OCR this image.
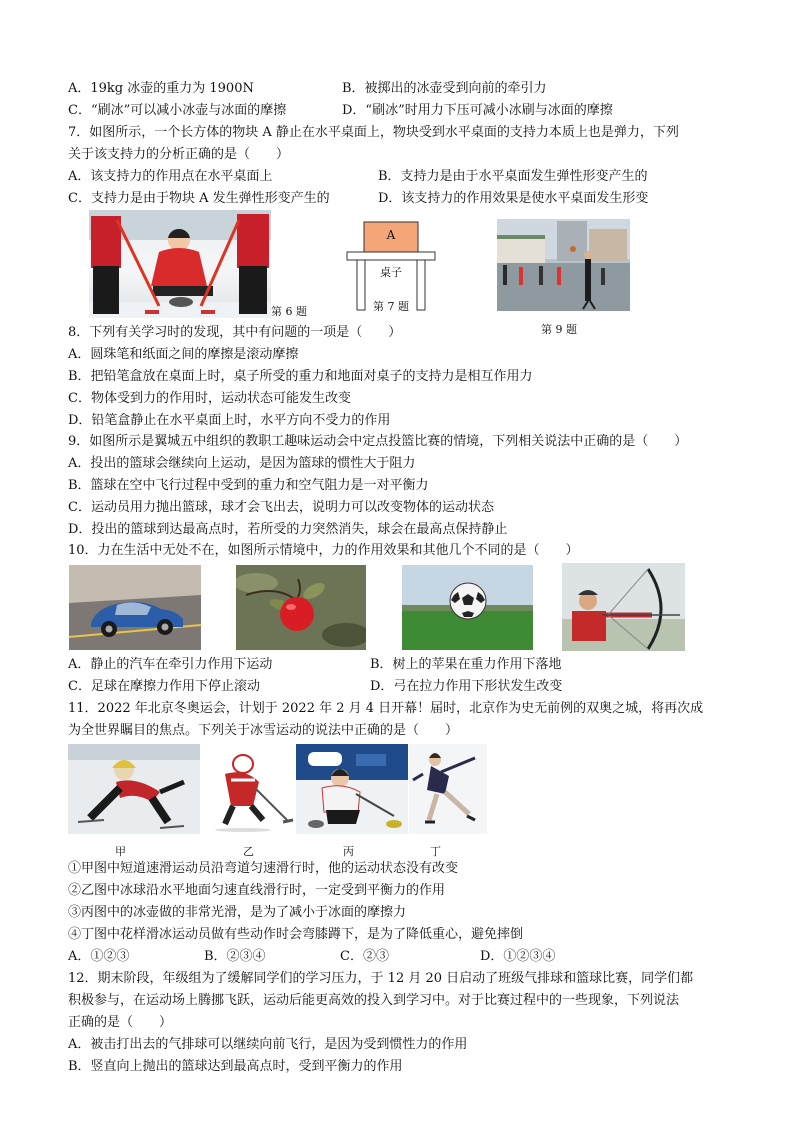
A．19kg 冰壶的重力为 1900N	B．被掷出的冰壶受到向前的牵引力
C．“刷冰”可以减小冰壶与冰面的摩擦	D．“刷冰”时用力下压可减小冰刷与冰面的摩擦
7．如图所示，一个长方体的物块 A 静止在水平桌面上，物块受到水平桌面的支持力本质上也是弹力，下列
关于该支持力的分析正确的是（　　）
A．该支持力的作用点在水平桌面上	B．支持力是由于水平桌面发生弹性形变产生的
C．支持力是由于物块 A 发生弹性形变产生的	D．该支持力的作用效果是使水平桌面发生形变
第 6 题
A
桌子
第 7 题
第 9 题
8．下列有关学习时的发现，其中有问题的一项是（　　）
A．圆珠笔和纸面之间的摩擦是滚动摩擦
B．把铅笔盒放在桌面上时，桌子所受的重力和地面对桌子的支持力是相互作用力
C．物体受到力的作用时，运动状态可能发生改变
D．铅笔盒静止在水平桌面上时，水平方向不受力的作用
9．如图所示是翼城五中组织的教职工趣味运动会中定点投篮比赛的情境，下列相关说法中正确的是（　　）
A．投出的篮球会继续向上运动，是因为篮球的惯性大于阻力
B．篮球在空中飞行过程中受到的重力和空气阻力是一对平衡力
C．运动员用力抛出篮球，球才会飞出去，说明力可以改变物体的运动状态
D．投出的篮球到达最高点时，若所受的力突然消失，球会在最高点保持静止
10．力在生活中无处不在，如图所示情境中，力的作用效果和其他几个不同的是（　　）
A．静止的汽车在牵引力作用下运动	B．树上的苹果在重力作用下落地
C．足球在摩擦力作用下停止滚动	D．弓在拉力作用下形状发生改变
11．2022 年北京冬奥运会，计划于 2022 年 2 月 4 日开幕！届时，北京作为史无前例的双奥之城，将再次成
为全世界瞩目的焦点。下列关于冰雪运动的说法中正确的是（　　）
甲	乙	丙	丁
①甲图中短道速滑运动员沿弯道匀速滑行时，他的运动状态没有改变
②乙图中冰球沿水平地面匀速直线滑行时，一定受到平衡力的作用
③丙图中的冰壶做的非常光滑，是为了减小于冰面的摩擦力
④丁图中花样滑冰运动员做有些动作时会弯膝蹲下，是为了降低重心，避免摔倒
A．①②③	B．②③④	C．②③	D．①②③④
12．期末阶段，年级组为了缓解同学们的学习压力，于 12 月 20 日启动了班级气排球和篮球比赛，同学们都
积极参与，在运动场上腾挪飞跃，运动后能更高效的投入到学习中。对于比赛过程中的一些现象，下列说法
正确的是（　　）
A．被击打出去的气排球可以继续向前飞行，是因为受到惯性力的作用
B．竖直向上抛出的篮球达到最高点时，受到平衡力的作用
